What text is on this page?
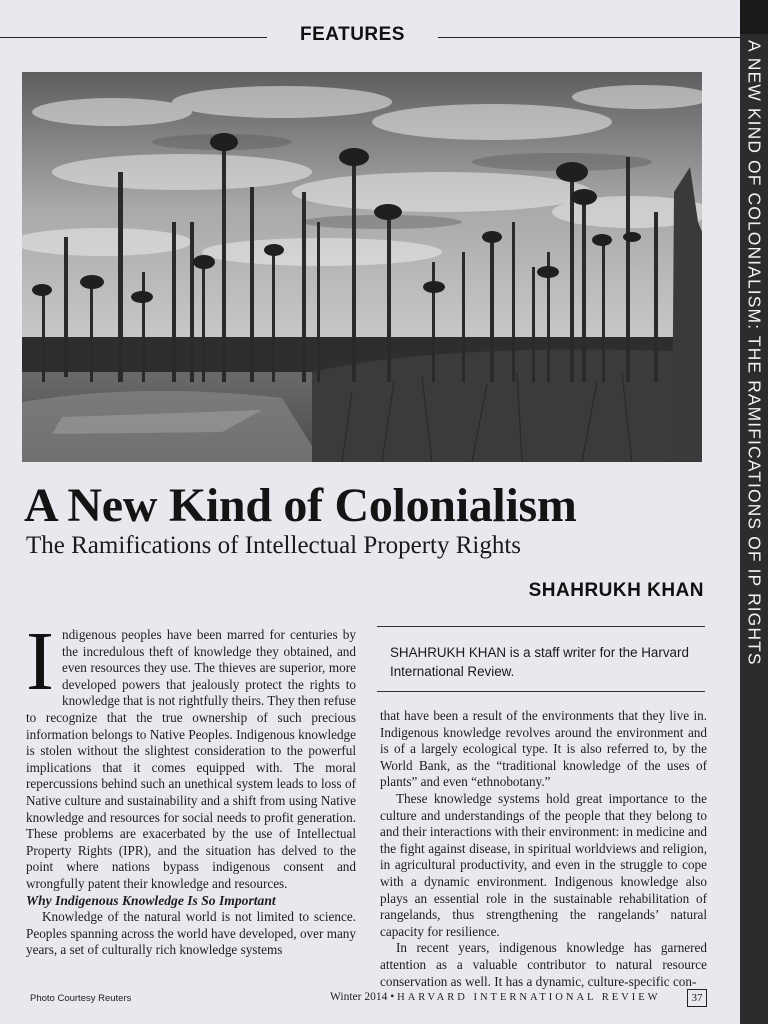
FEATURES
A NEW KIND OF COLONIALISM: THE RAMIFICATIONS OF IP RIGHTS
A New Kind of Colonialism
The Ramifications of Intellectual Property Rights
SHAHRUKH KHAN
SHAHRUKH KHAN is a staff writer for the Harvard International Review.

Indigenous peoples have been marred for centuries by the incredulous theft of knowledge they obtained, and even resources they use. The thieves are superior, more developed powers that jealously protect the rights to knowledge that is not rightfully theirs. They then refuse to recognize that the true ownership of such precious information belongs to Native Peoples. Indigenous knowledge is stolen without the slightest consideration to the powerful implications that it comes equipped with. The moral repercussions behind such an unethical system leads to loss of Native culture and sustainability and a shift from using Native knowledge and resources for social needs to profit generation. These problems are exacerbated by the use of Intellectual Property Rights (IPR), and the situation has delved to the point where nations bypass indigenous consent and wrongfully patent their knowledge and resources.

Why Indigenous Knowledge Is So Important

Knowledge of the natural world is not limited to science. Peoples spanning across the world have developed, over many years, a set of culturally rich knowledge systems

that have been a result of the environments that they live in. Indigenous knowledge revolves around the environment and is of a largely ecological type. It is also referred to, by the World Bank, as the “traditional knowledge of the uses of plants” and even “ethnobotany.”

These knowledge systems hold great importance to the culture and understandings of the people that they belong to and their interactions with their environment: in medicine and the fight against disease, in spiritual worldviews and religion, in agricultural productivity, and even in the struggle to cope with a dynamic environment. Indigenous knowledge also plays an essential role in the sustainable rehabilitation of rangelands, thus strengthening the rangelands’ natural capacity for resilience.

In recent years, indigenous knowledge has garnered attention as a valuable contributor to natural resource conservation as well. It has a dynamic, culture-specific con-

Photo Courtesy Reuters	Winter 2014 • HARVARD INTERNATIONAL REVIEW	37
